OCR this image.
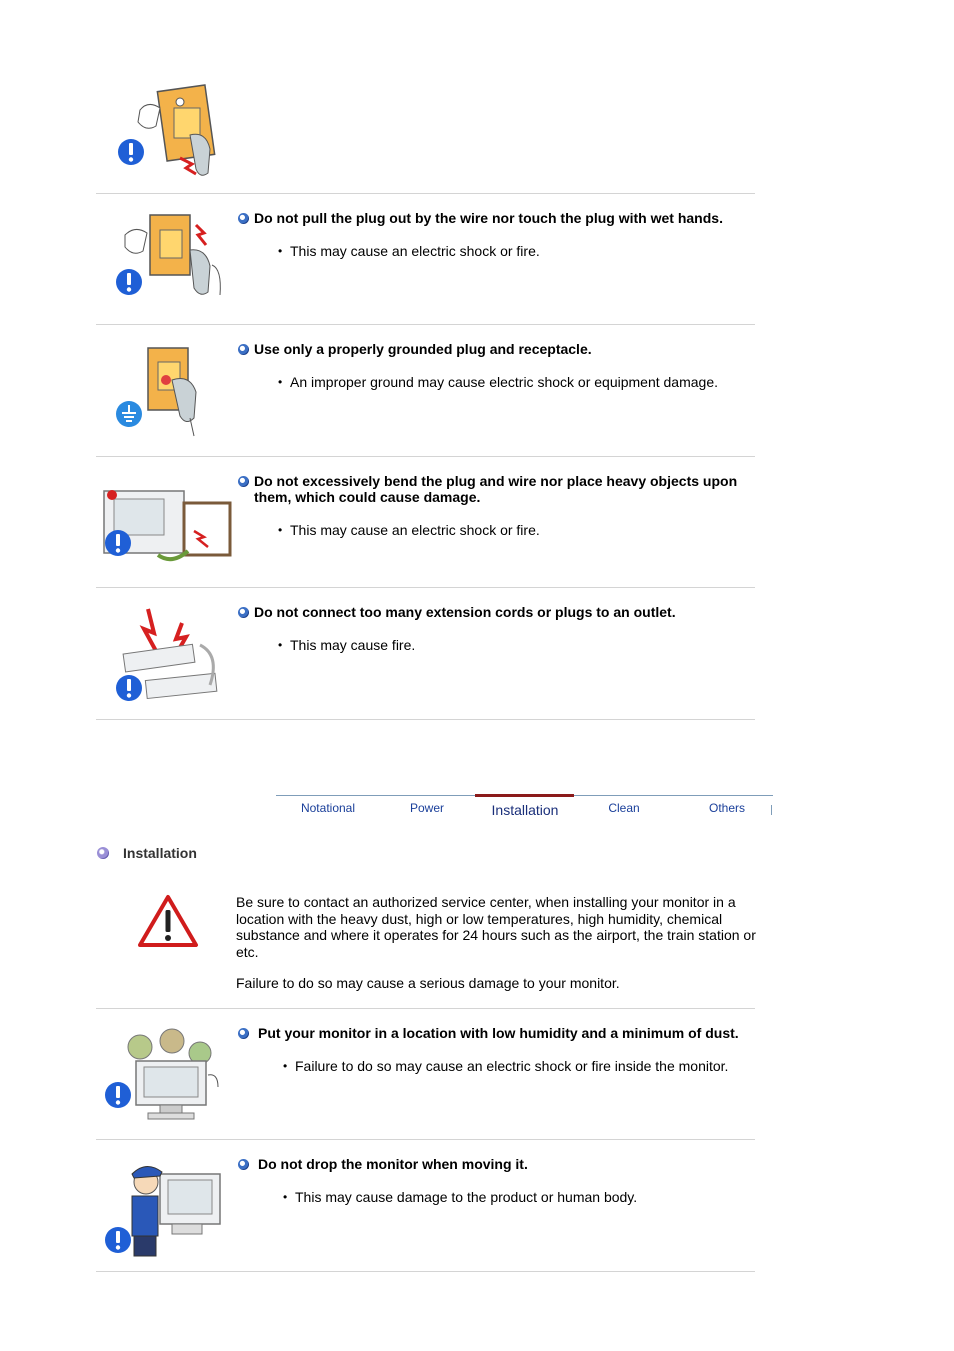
Do not pull the plug out by the wire nor touch the plug with wet hands.
• This may cause an electric shock or fire.
Use only a properly grounded plug and receptacle.
• An improper ground may cause electric shock or equipment damage.
Do not excessively bend the plug and wire nor place heavy objects upon them, which could cause damage.
• This may cause an electric shock or fire.
Do not connect too many extension cords or plugs to an outlet.
• This may cause fire.
Notational	Power	Installation	Clean	Others
Installation
Be sure to contact an authorized service center, when installing your monitor in a location with the heavy dust, high or low temperatures, high humidity, chemical substance and where it operates for 24 hours such as the airport, the train station or etc.
Failure to do so may cause a serious damage to your monitor.
Put your monitor in a location with low humidity and a minimum of dust.
• Failure to do so may cause an electric shock or fire inside the monitor.
Do not drop the monitor when moving it.
• This may cause damage to the product or human body.
